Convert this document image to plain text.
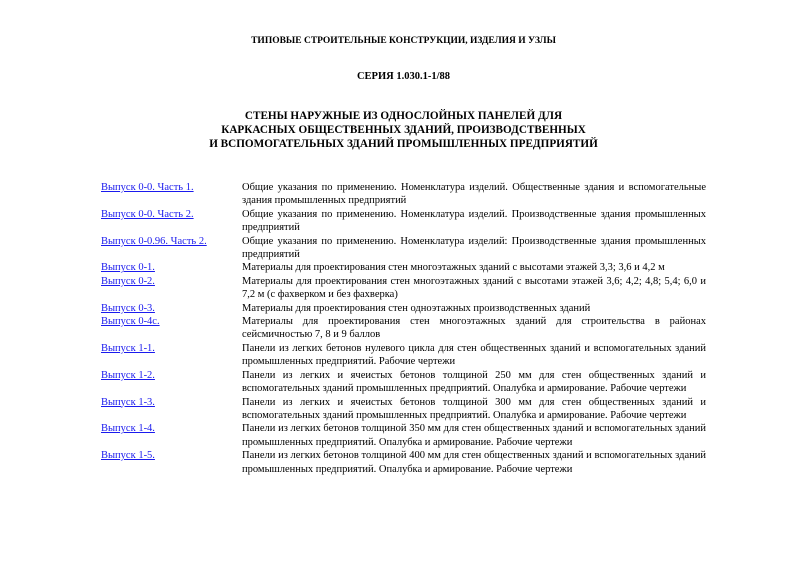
ТИПОВЫЕ СТРОИТЕЛЬНЫЕ КОНСТРУКЦИИ, ИЗДЕЛИЯ И УЗЛЫ
СЕРИЯ 1.030.1-1/88
СТЕНЫ НАРУЖНЫЕ ИЗ ОДНОСЛОЙНЫХ ПАНЕЛЕЙ ДЛЯ
КАРКАСНЫХ ОБЩЕСТВЕННЫХ ЗДАНИЙ, ПРОИЗВОДСТВЕННЫХ
И ВСПОМОГАТЕЛЬНЫХ ЗДАНИЙ ПРОМЫШЛЕННЫХ ПРЕДПРИЯТИЙ
Выпуск 0-0. Часть 1.	Общие указания по применению. Номенклатура изделий. Общественные здания и вспомогательные здания промышленных предприятий
Выпуск 0-0. Часть 2.	Общие указания по применению. Номенклатура изделий. Производственные здания промышленных предприятий
Выпуск 0-0.96. Часть 2.	Общие указания по применению. Номенклатура изделий: Производственные здания промышленных предприятий
Выпуск 0-1.	Материалы для проектирования стен многоэтажных зданий с высотами этажей 3,3; 3,6 и 4,2 м
Выпуск 0-2.	Материалы для проектирования стен многоэтажных зданий с высотами этажей 3,6; 4,2; 4,8; 5,4; 6,0 и 7,2 м (с фахверком и без фахверка)
Выпуск 0-3.	Материалы для проектирования стен одноэтажных производственных зданий
Выпуск 0-4с.	Материалы для проектирования стен многоэтажных зданий для строительства в районах сейсмичностью 7, 8 и 9 баллов
Выпуск 1-1.	Панели из легких бетонов нулевого цикла для стен общественных зданий и вспомогательных зданий промышленных предприятий. Рабочие чертежи
Выпуск 1-2.	Панели из легких и ячеистых бетонов толщиной 250 мм для стен общественных зданий и вспомогательных зданий промышленных предприятий. Опалубка и армирование. Рабочие чертежи
Выпуск 1-3.	Панели из легких и ячеистых бетонов толщиной 300 мм для стен общественных зданий и вспомогательных зданий промышленных предприятий. Опалубка и армирование. Рабочие чертежи
Выпуск 1-4.	Панели из легких бетонов толщиной 350 мм для стен общественных зданий и вспомогательных зданий промышленных предприятий. Опалубка и армирование. Рабочие чертежи
Выпуск 1-5.	Панели из легких бетонов толщиной 400 мм для стен общественных зданий и вспомогательных зданий промышленных предприятий. Опалубка и армирование. Рабочие чертежи
